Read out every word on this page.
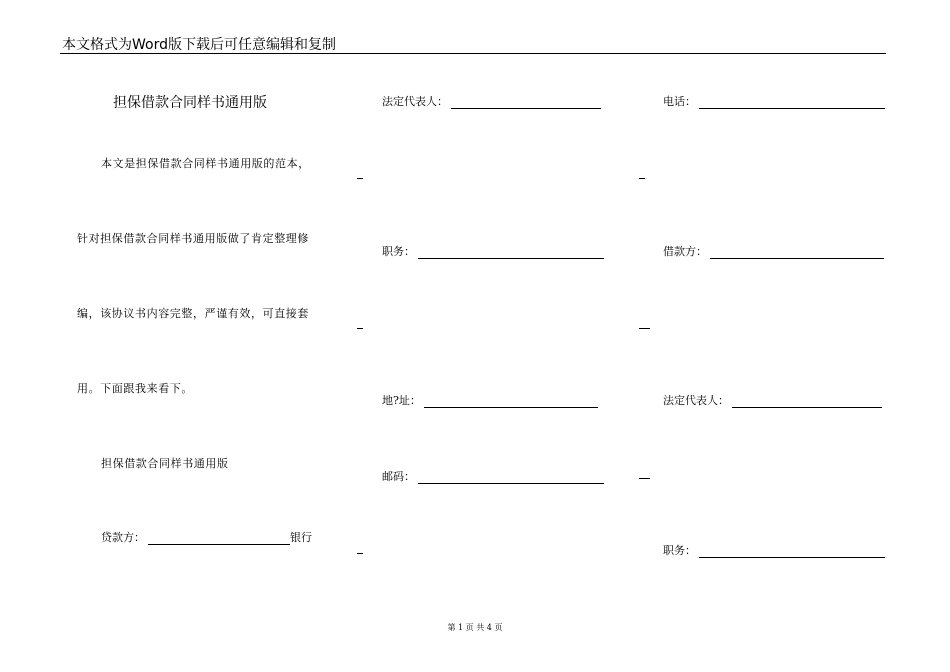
本文格式为Word版下载后可任意编辑和复制
担保借款合同样书通用版
本文是担保借款合同样书通用版的范本，
针对担保借款合同样书通用版做了肯定整理修
编，该协议书内容完整，严谨有效，可直接套
用。下面跟我来看下。
担保借款合同样书通用版
贷款方：	银行
法定代表人：
职务：
地?址：
邮码：
电话：
借款方：
法定代表人：
职务：
第 1 页 共 4 页
